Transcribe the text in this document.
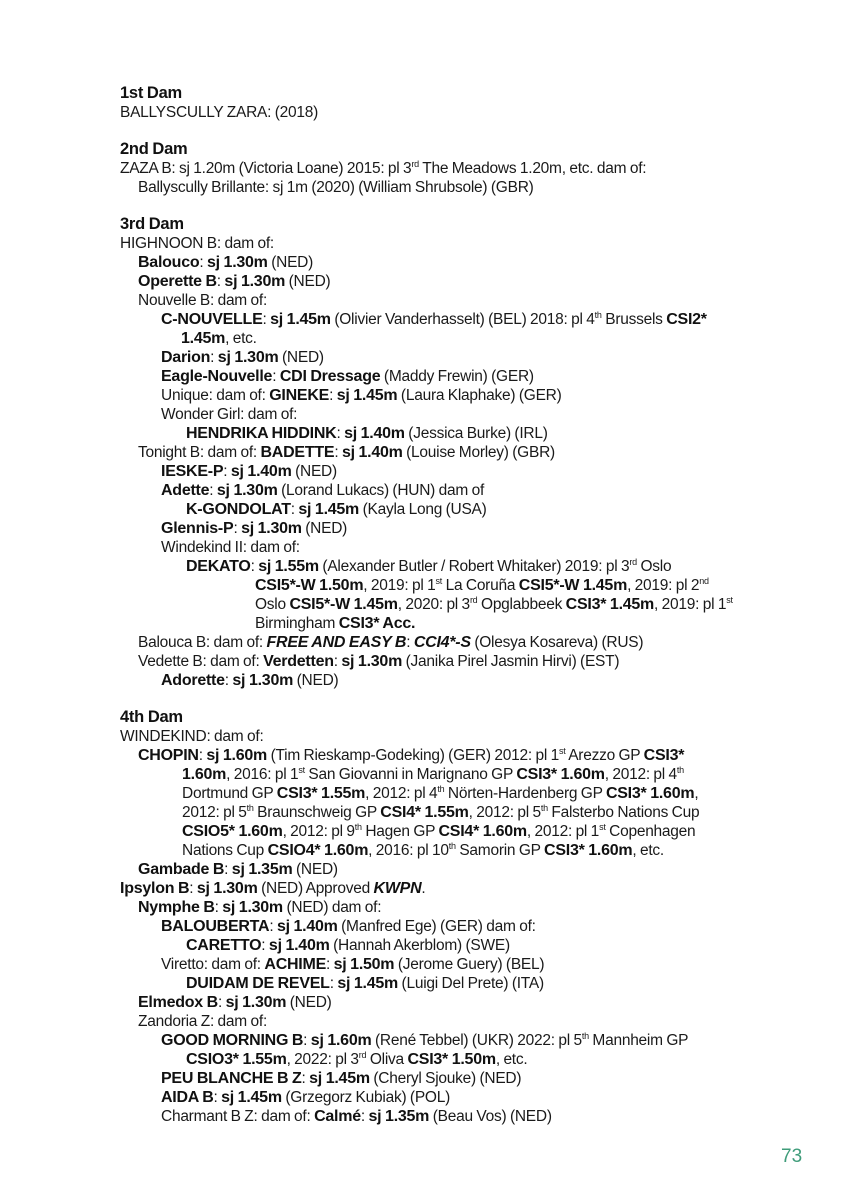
1st Dam
BALLYSCULLY ZARA: (2018)
2nd Dam
ZAZA B: sj 1.20m (Victoria Loane) 2015: pl 3rd The Meadows 1.20m, etc. dam of:
Ballyscully Brillante: sj 1m (2020) (William Shrubsole) (GBR)
3rd Dam
HIGHNOON B: dam of:
Balouco: sj 1.30m (NED)
Operette B: sj 1.30m (NED)
Nouvelle B: dam of:
C-NOUVELLE: sj 1.45m (Olivier Vanderhasselt) (BEL) 2018: pl 4th Brussels CSI2*
1.45m, etc.
Darion: sj 1.30m (NED)
Eagle-Nouvelle: CDI Dressage (Maddy Frewin) (GER)
Unique: dam of: GINEKE: sj 1.45m (Laura Klaphake) (GER)
Wonder Girl: dam of:
HENDRIKA HIDDINK: sj 1.40m (Jessica Burke) (IRL)
Tonight B: dam of: BADETTE: sj 1.40m (Louise Morley) (GBR)
IESKE-P: sj 1.40m (NED)
Adette: sj 1.30m (Lorand Lukacs) (HUN) dam of
K-GONDOLAT: sj 1.45m (Kayla Long (USA)
Glennis-P: sj 1.30m (NED)
Windekind II: dam of:
DEKATO: sj 1.55m (Alexander Butler / Robert Whitaker) 2019: pl 3rd Oslo
CSI5*-W 1.50m, 2019: pl 1st La Coruña CSI5*-W 1.45m, 2019: pl 2nd
Oslo CSI5*-W 1.45m, 2020: pl 3rd Opglabbeek CSI3* 1.45m, 2019: pl 1st
Birmingham CSI3* Acc.
Balouca B: dam of: FREE AND EASY B: CCI4*-S (Olesya Kosareva) (RUS)
Vedette B: dam of: Verdetten: sj 1.30m (Janika Pirel Jasmin Hirvi) (EST)
Adorette: sj 1.30m (NED)
4th Dam
WINDEKIND: dam of:
CHOPIN: sj 1.60m (Tim Rieskamp-Godeking) (GER) 2012: pl 1st Arezzo GP CSI3*
1.60m, 2016: pl 1st San Giovanni in Marignano GP CSI3* 1.60m, 2012: pl 4th
Dortmund GP CSI3* 1.55m, 2012: pl 4th Nörten-Hardenberg GP CSI3* 1.60m,
2012: pl 5th Braunschweig GP CSI4* 1.55m, 2012: pl 5th Falsterbo Nations Cup
CSIO5* 1.60m, 2012: pl 9th Hagen GP CSI4* 1.60m, 2012: pl 1st Copenhagen
Nations Cup CSIO4* 1.60m, 2016: pl 10th Samorin GP CSI3* 1.60m, etc.
Gambade B: sj 1.35m (NED)
Ipsylon B: sj 1.30m (NED) Approved KWPN.
Nymphe B: sj 1.30m (NED) dam of:
BALOUBERTA: sj 1.40m (Manfred Ege) (GER) dam of:
CARETTO: sj 1.40m (Hannah Akerblom) (SWE)
Viretto: dam of: ACHIME: sj 1.50m (Jerome Guery) (BEL)
DUIDAM DE REVEL: sj 1.45m (Luigi Del Prete) (ITA)
Elmedox B: sj 1.30m (NED)
Zandoria Z: dam of:
GOOD MORNING B: sj 1.60m (René Tebbel) (UKR) 2022: pl 5th Mannheim GP
CSIO3* 1.55m, 2022: pl 3rd Oliva CSI3* 1.50m, etc.
PEU BLANCHE B Z: sj 1.45m (Cheryl Sjouke) (NED)
AIDA B: sj 1.45m (Grzegorz Kubiak) (POL)
Charmant B Z: dam of: Calmé: sj 1.35m (Beau Vos) (NED)
73
